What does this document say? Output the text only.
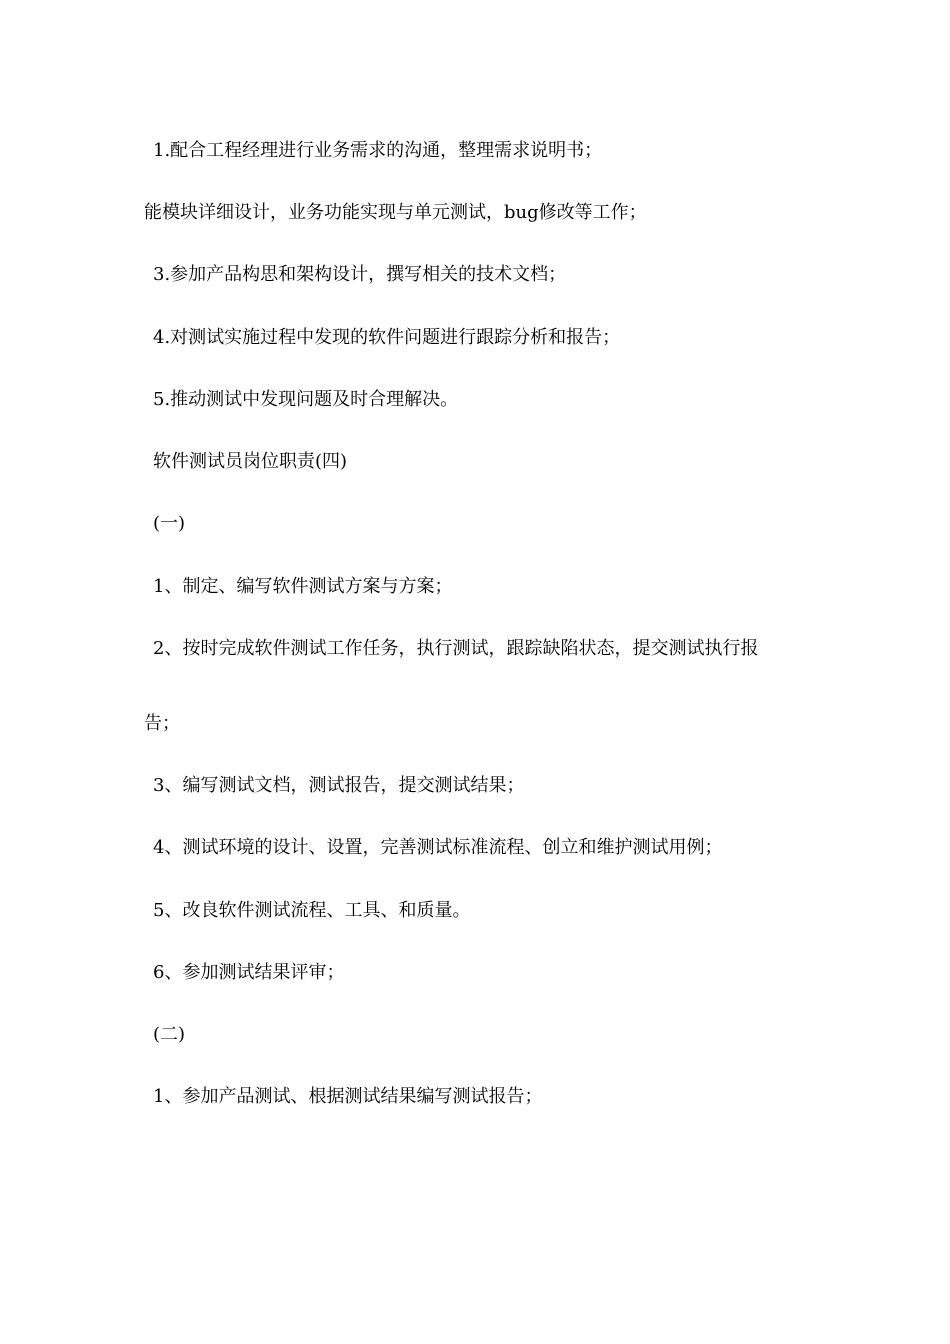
1.配合工程经理进行业务需求的沟通，整理需求说明书；
能模块详细设计，业务功能实现与单元测试，bug修改等工作；
3.参加产品构思和架构设计，撰写相关的技术文档；
4.对测试实施过程中发现的软件问题进行跟踪分析和报告；
5.推动测试中发现问题及时合理解决。
软件测试员岗位职责(四)
(一)
1、制定、编写软件测试方案与方案；
2、按时完成软件测试工作任务，执行测试，跟踪缺陷状态，提交测试执行报
告；
3、编写测试文档，测试报告，提交测试结果；
4、测试环境的设计、设置，完善测试标准流程、创立和维护测试用例；
5、改良软件测试流程、工具、和质量。
6、参加测试结果评审；
(二)
1、参加产品测试、根据测试结果编写测试报告；
